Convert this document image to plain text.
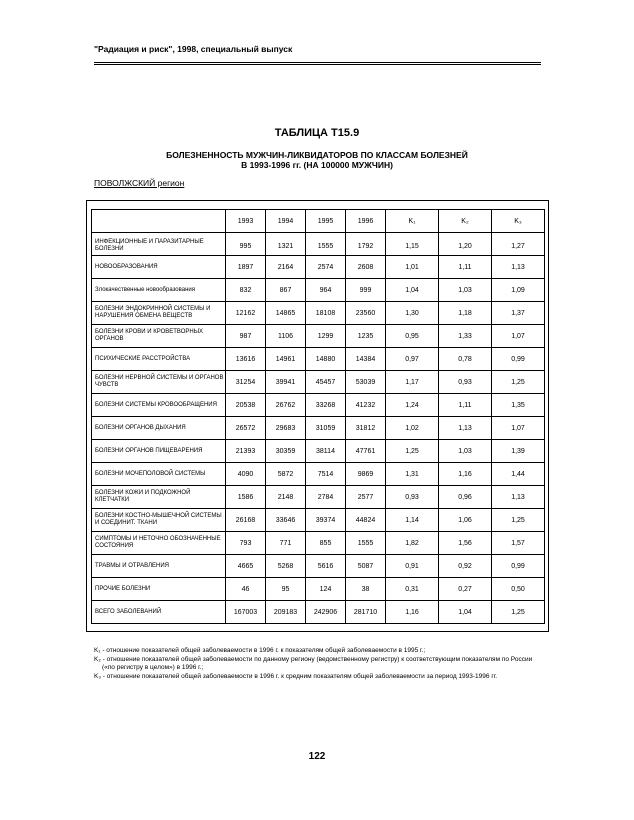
"Радиация и риск", 1998, специальный выпуск
ТАБЛИЦА Т15.9
БОЛЕЗНЕННОСТЬ МУЖЧИН-ЛИКВИДАТОРОВ ПО КЛАССАМ БОЛЕЗНЕЙ
В 1993-1996 гг. (НА 100000 МУЖЧИН)
ПОВОЛЖСКИЙ регион
	1993	1994	1995	1996	K₁	K₂	K₃
ИНФЕКЦИОННЫЕ И ПАРАЗИТАРНЫЕ БОЛЕЗНИ	995	1321	1555	1792	1,15	1,20	1,27
НОВООБРАЗОВАНИЯ	1897	2164	2574	2608	1,01	1,11	1,13
Злокачественные новообразования	832	867	964	999	1,04	1,03	1,09
БОЛЕЗНИ ЭНДОКРИННОЙ СИСТЕМЫ И НАРУШЕНИЯ ОБМЕНА ВЕЩЕСТВ	12162	14865	18108	23560	1,30	1,18	1,37
БОЛЕЗНИ КРОВИ И КРОВЕТВОРНЫХ ОРГАНОВ	987	1106	1299	1235	0,95	1,33	1,07
ПСИХИЧЕСКИЕ РАССТРОЙСТВА	13616	14961	14880	14384	0,97	0,78	0,99
БОЛЕЗНИ НЕРВНОЙ СИСТЕМЫ И ОРГАНОВ ЧУВСТВ	31254	39941	45457	53039	1,17	0,93	1,25
БОЛЕЗНИ СИСТЕМЫ КРОВООБРАЩЕНИЯ	20538	26762	33268	41232	1,24	1,11	1,35
БОЛЕЗНИ ОРГАНОВ ДЫХАНИЯ	26572	29683	31059	31812	1,02	1,13	1,07
БОЛЕЗНИ ОРГАНОВ ПИЩЕВАРЕНИЯ	21393	30359	38114	47761	1,25	1,03	1,39
БОЛЕЗНИ МОЧЕПОЛОВОЙ СИСТЕМЫ	4090	5872	7514	9869	1,31	1,16	1,44
БОЛЕЗНИ КОЖИ И ПОДКОЖНОЙ КЛЕТЧАТКИ	1586	2148	2784	2577	0,93	0,96	1,13
БОЛЕЗНИ КОСТНО-МЫШЕЧНОЙ СИСТЕМЫ И СОЕДИНИТ. ТКАНИ	26168	33646	39374	44824	1,14	1,06	1,25
СИМПТОМЫ И НЕТОЧНО ОБОЗНАЧЕННЫЕ СОСТОЯНИЯ	793	771	855	1555	1,82	1,56	1,57
ТРАВМЫ И ОТРАВЛЕНИЯ	4665	5268	5616	5087	0,91	0,92	0,99
ПРОЧИЕ БОЛЕЗНИ	46	95	124	38	0,31	0,27	0,50
ВСЕГО ЗАБОЛЕВАНИЙ	167003	209183	242906	281710	1,16	1,04	1,25

K₁ - отношение показателей общей заболеваемости в 1996 г. к показателям общей заболеваемости в 1995 г.;

K₂ - отношение показателей общей заболеваемости по данному региону (ведомственному регистру) к соответствующим показателям по России («по регистру в целом») в 1996 г.;

K₃ - отношение показателей общей заболеваемости в 1996 г. к средним показателям общей заболеваемости за период 1993-1996 гг.

122
